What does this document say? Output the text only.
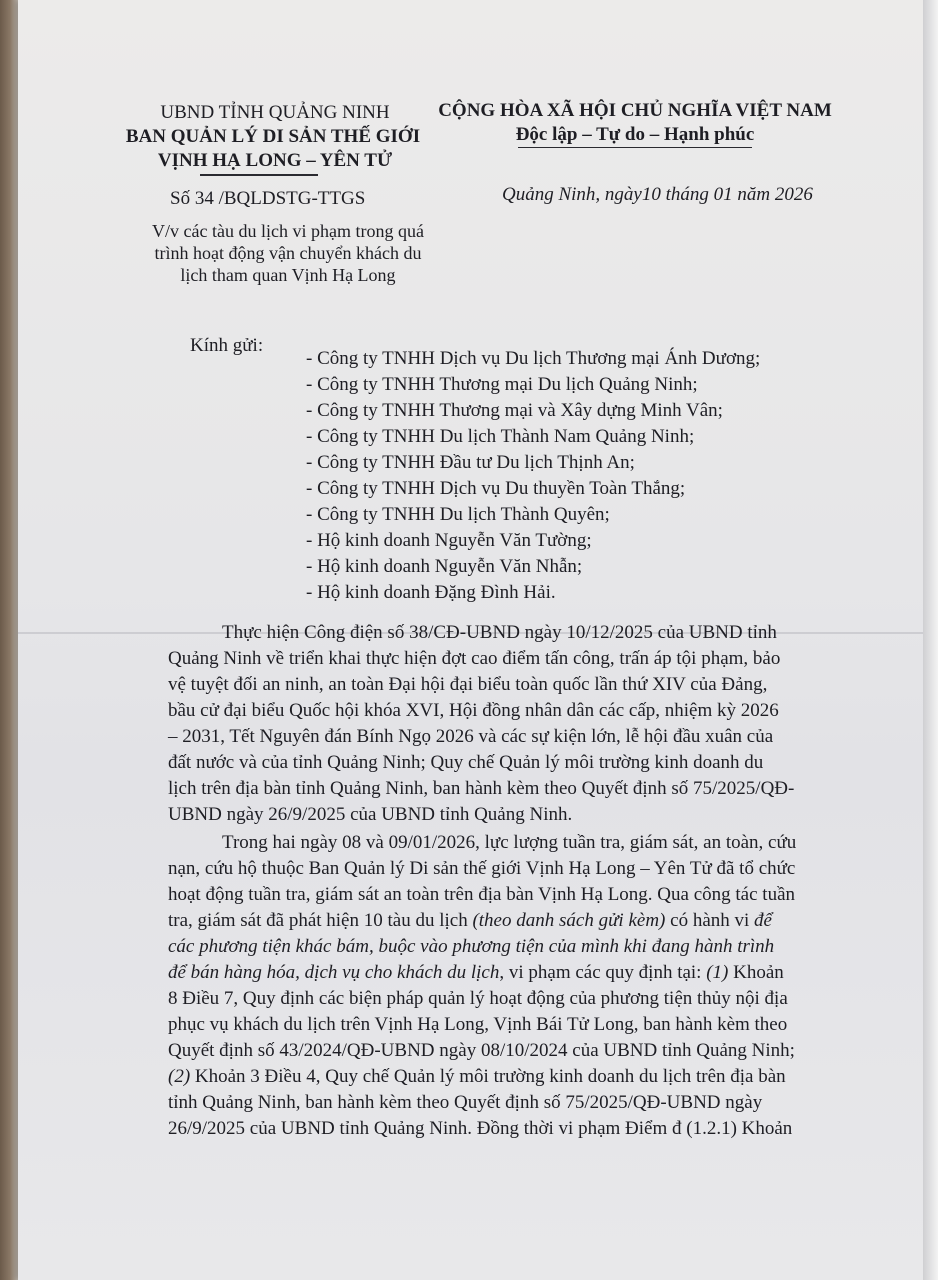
UBND TỈNH QUẢNG NINH
BAN QUẢN LÝ DI SẢN THẾ GIỚI
VỊNH HẠ LONG – YÊN TỬ
Số 34 /BQLDSTG-TTGS
V/v các tàu du lịch vi phạm trong quá
trình hoạt động vận chuyển khách du
lịch tham quan Vịnh Hạ Long
CỘNG HÒA XÃ HỘI CHỦ NGHĨA VIỆT NAM
Độc lập – Tự do – Hạnh phúc
Quảng Ninh, ngày10 tháng 01 năm 2026
Kính gửi:
- Công ty TNHH Dịch vụ Du lịch Thương mại Ánh Dương;
- Công ty TNHH Thương mại Du lịch Quảng Ninh;
- Công ty TNHH Thương mại và Xây dựng Minh Vân;
- Công ty TNHH Du lịch Thành Nam Quảng Ninh;
- Công ty TNHH Đầu tư Du lịch Thịnh An;
- Công ty TNHH Dịch vụ Du thuyền Toàn Thắng;
- Công ty TNHH Du lịch Thành Quyên;
- Hộ kinh doanh Nguyễn Văn Tường;
- Hộ kinh doanh Nguyễn Văn Nhẫn;
- Hộ kinh doanh Đặng Đình Hải.
Thực hiện Công điện số 38/CĐ-UBND ngày 10/12/2025 của UBND tỉnh
Quảng Ninh về triển khai thực hiện đợt cao điểm tấn công, trấn áp tội phạm, bảo
vệ tuyệt đối an ninh, an toàn Đại hội đại biểu toàn quốc lần thứ XIV của Đảng,
bầu cử đại biểu Quốc hội khóa XVI, Hội đồng nhân dân các cấp, nhiệm kỳ 2026
– 2031, Tết Nguyên đán Bính Ngọ 2026 và các sự kiện lớn, lễ hội đầu xuân của
đất nước và của tỉnh Quảng Ninh; Quy chế Quản lý môi trường kinh doanh du
lịch trên địa bàn tỉnh Quảng Ninh, ban hành kèm theo Quyết định số 75/2025/QĐ-
UBND ngày 26/9/2025 của UBND tỉnh Quảng Ninh.
Trong hai ngày 08 và 09/01/2026, lực lượng tuần tra, giám sát, an toàn, cứu
nạn, cứu hộ thuộc Ban Quản lý Di sản thế giới Vịnh Hạ Long – Yên Tử đã tổ chức
hoạt động tuần tra, giám sát an toàn trên địa bàn Vịnh Hạ Long. Qua công tác tuần
tra, giám sát đã phát hiện 10 tàu du lịch (theo danh sách gửi kèm) có hành vi để
các phương tiện khác bám, buộc vào phương tiện của mình khi đang hành trình
để bán hàng hóa, dịch vụ cho khách du lịch, vi phạm các quy định tại: (1) Khoản
8 Điều 7, Quy định các biện pháp quản lý hoạt động của phương tiện thủy nội địa
phục vụ khách du lịch trên Vịnh Hạ Long, Vịnh Bái Tử Long, ban hành kèm theo
Quyết định số 43/2024/QĐ-UBND ngày 08/10/2024 của UBND tỉnh Quảng Ninh;
(2) Khoản 3 Điều 4, Quy chế Quản lý môi trường kinh doanh du lịch trên địa bàn
tỉnh Quảng Ninh, ban hành kèm theo Quyết định số 75/2025/QĐ-UBND ngày
26/9/2025 của UBND tỉnh Quảng Ninh. Đồng thời vi phạm Điểm đ (1.2.1) Khoản
